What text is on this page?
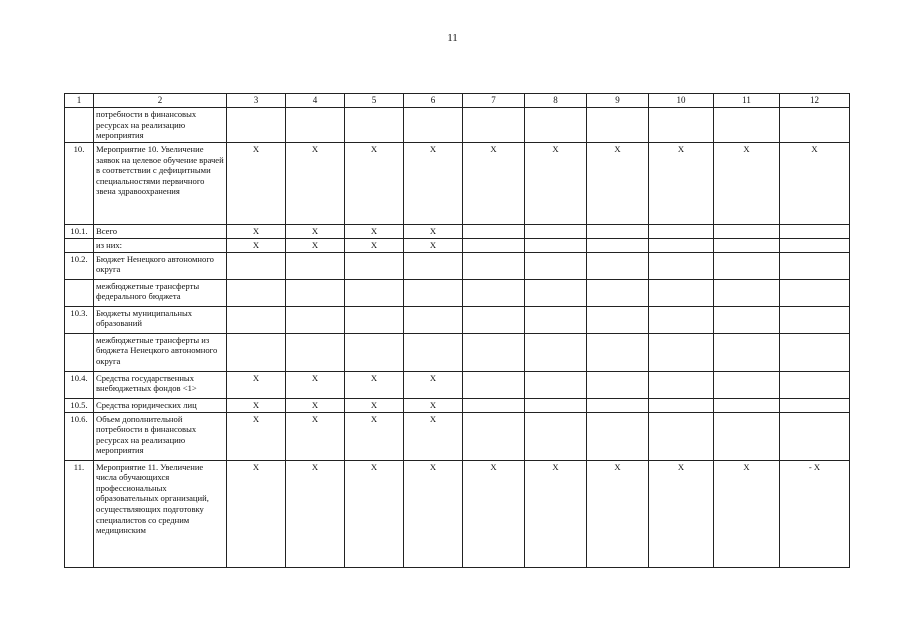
11
1	2	3	4	5	6	7	8	9	10	11	12
	потребности в финансовых ресурсах на реализацию мероприятия										
10.	Мероприятие 10. Увеличение заявок на целевое обучение врачей в соответствии с дефицитными специальностями первичного звена здравоохранения	X	X	X	X	X	X	X	X	X	X
10.1.	Всего	X	X	X	X						
	из них:	X	X	X	X						
10.2.	Бюджет Ненецкого автономного округа										
	межбюджетные трансферты федерального бюджета										
10.3.	Бюджеты муниципальных образований										
	межбюджетные трансферты из бюджета Ненецкого автономного округа										
10.4.	Средства государственных внебюджетных фондов <1>	X	X	X	X						
10.5.	Средства юридических лиц	X	X	X	X						
10.6.	Объем дополнительной потребности в финансовых ресурсах на реализацию мероприятия	X	X	X	X						
11.	Мероприятие 11. Увеличение числа обучающихся профессиональных образовательных организаций, осуществляющих подготовку специалистов со средним медицинским	X	X	X	X	X	X	X	X	X	- X
